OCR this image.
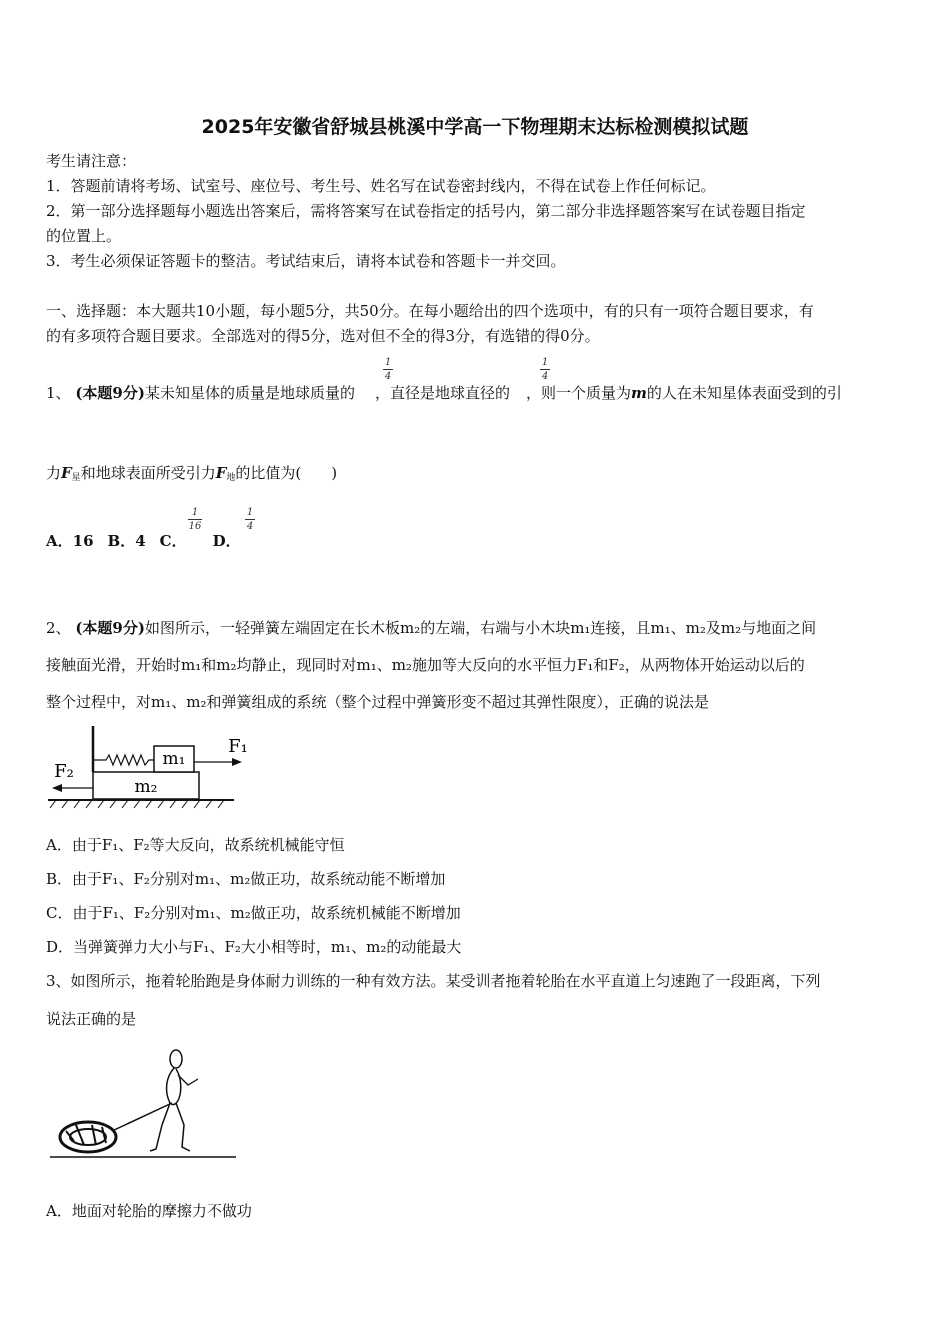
2025年安徽省舒城县桃溪中学高一下物理期末达标检测模拟试题
考生请注意：
1．答题前请将考场、试室号、座位号、考生号、姓名写在试卷密封线内，不得在试卷上作任何标记。
2．第一部分选择题每小题选出答案后，需将答案写在试卷指定的括号内，第二部分非选择题答案写在试卷题目指定
的位置上。
3．考生必须保证答题卡的整洁。考试结束后，请将本试卷和答题卡一并交回。
一、选择题：本大题共10小题，每小题5分，共50分。在每小题给出的四个选项中，有的只有一项符合题目要求，有
的有多项符合题目要求。全部选对的得5分，选对但不全的得3分，有选错的得0分。
1、 (本题9分)某未知星体的质量是地球质量的 ，直径是地球直径的 ，则一个质量为m的人在未知星体表面受到的引
1
4
1
4
力$F_星$和地球表面所受引力$F_地$的比值为(　　)
A．16 B．4 C． D．
1
16
1
4
2、 (本题9分)如图所示，一轻弹簧左端固定在长木板m₂的左端，右端与小木块m₁连接，且m₁、m₂及m₂与地面之间
接触面光滑，开始时m₁和m₂均静止，现同时对m₁、m₂施加等大反向的水平恒力F₁和F₂，从两物体开始运动以后的
整个过程中，对m₁、m₂和弹簧组成的系统（整个过程中弹簧形变不超过其弹性限度），正确的说法是
m₁
m₂
F₁
F₂
A．由于F₁、F₂等大反向，故系统机械能守恒
B．由于F₁、F₂分别对m₁、m₂做正功，故系统动能不断增加
C．由于F₁、F₂分别对m₁、m₂做正功，故系统机械能不断增加
D．当弹簧弹力大小与F₁、F₂大小相等时，m₁、m₂的动能最大
3、如图所示，拖着轮胎跑是身体耐力训练的一种有效方法。某受训者拖着轮胎在水平直道上匀速跑了一段距离，下列
说法正确的是
A．地面对轮胎的摩擦力不做功
